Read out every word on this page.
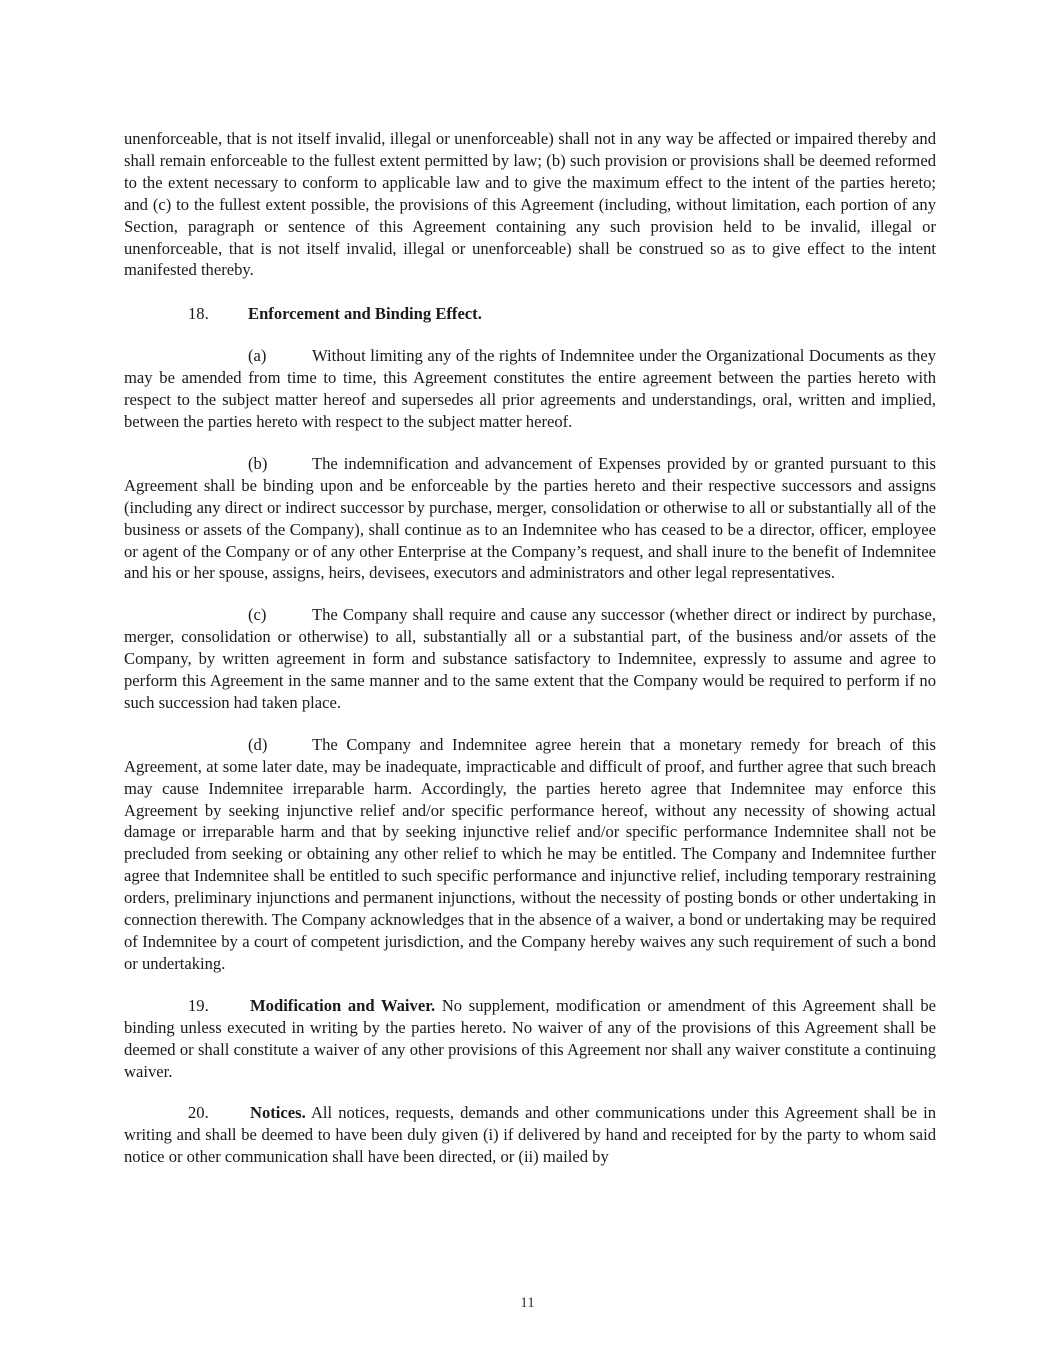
unenforceable, that is not itself invalid, illegal or unenforceable) shall not in any way be affected or impaired thereby and shall remain enforceable to the fullest extent permitted by law; (b) such provision or provisions shall be deemed reformed to the extent necessary to conform to applicable law and to give the maximum effect to the intent of the parties hereto; and (c) to the fullest extent possible, the provisions of this Agreement (including, without limitation, each portion of any Section, paragraph or sentence of this Agreement containing any such provision held to be invalid, illegal or unenforceable, that is not itself invalid, illegal or unenforceable) shall be construed so as to give effect to the intent manifested thereby.

18. Enforcement and Binding Effect.

(a)	Without limiting any of the rights of Indemnitee under the Organizational Documents as they may be amended from time to time, this Agreement constitutes the entire agreement between the parties hereto with respect to the subject matter hereof and supersedes all prior agreements and understandings, oral, written and implied, between the parties hereto with respect to the subject matter hereof.

(b)	The indemnification and advancement of Expenses provided by or granted pursuant to this Agreement shall be binding upon and be enforceable by the parties hereto and their respective successors and assigns (including any direct or indirect successor by purchase, merger, consolidation or otherwise to all or substantially all of the business or assets of the Company), shall continue as to an Indemnitee who has ceased to be a director, officer, employee or agent of the Company or of any other Enterprise at the Company’s request, and shall inure to the benefit of Indemnitee and his or her spouse, assigns, heirs, devisees, executors and administrators and other legal representatives.

(c)	The Company shall require and cause any successor (whether direct or indirect by purchase, merger, consolidation or otherwise) to all, substantially all or a substantial part, of the business and/or assets of the Company, by written agreement in form and substance satisfactory to Indemnitee, expressly to assume and agree to perform this Agreement in the same manner and to the same extent that the Company would be required to perform if no such succession had taken place.

(d)	The Company and Indemnitee agree herein that a monetary remedy for breach of this Agreement, at some later date, may be inadequate, impracticable and difficult of proof, and further agree that such breach may cause Indemnitee irreparable harm. Accordingly, the parties hereto agree that Indemnitee may enforce this Agreement by seeking injunctive relief and/or specific performance hereof, without any necessity of showing actual damage or irreparable harm and that by seeking injunctive relief and/or specific performance Indemnitee shall not be precluded from seeking or obtaining any other relief to which he may be entitled. The Company and Indemnitee further agree that Indemnitee shall be entitled to such specific performance and injunctive relief, including temporary restraining orders, preliminary injunctions and permanent injunctions, without the necessity of posting bonds or other undertaking in connection therewith. The Company acknowledges that in the absence of a waiver, a bond or undertaking may be required of Indemnitee by a court of competent jurisdiction, and the Company hereby waives any such requirement of such a bond or undertaking.

19. Modification and Waiver. No supplement, modification or amendment of this Agreement shall be binding unless executed in writing by the parties hereto. No waiver of any of the provisions of this Agreement shall be deemed or shall constitute a waiver of any other provisions of this Agreement nor shall any waiver constitute a continuing waiver.

20. Notices. All notices, requests, demands and other communications under this Agreement shall be in writing and shall be deemed to have been duly given (i) if delivered by hand and receipted for by the party to whom said notice or other communication shall have been directed, or (ii) mailed by

11
